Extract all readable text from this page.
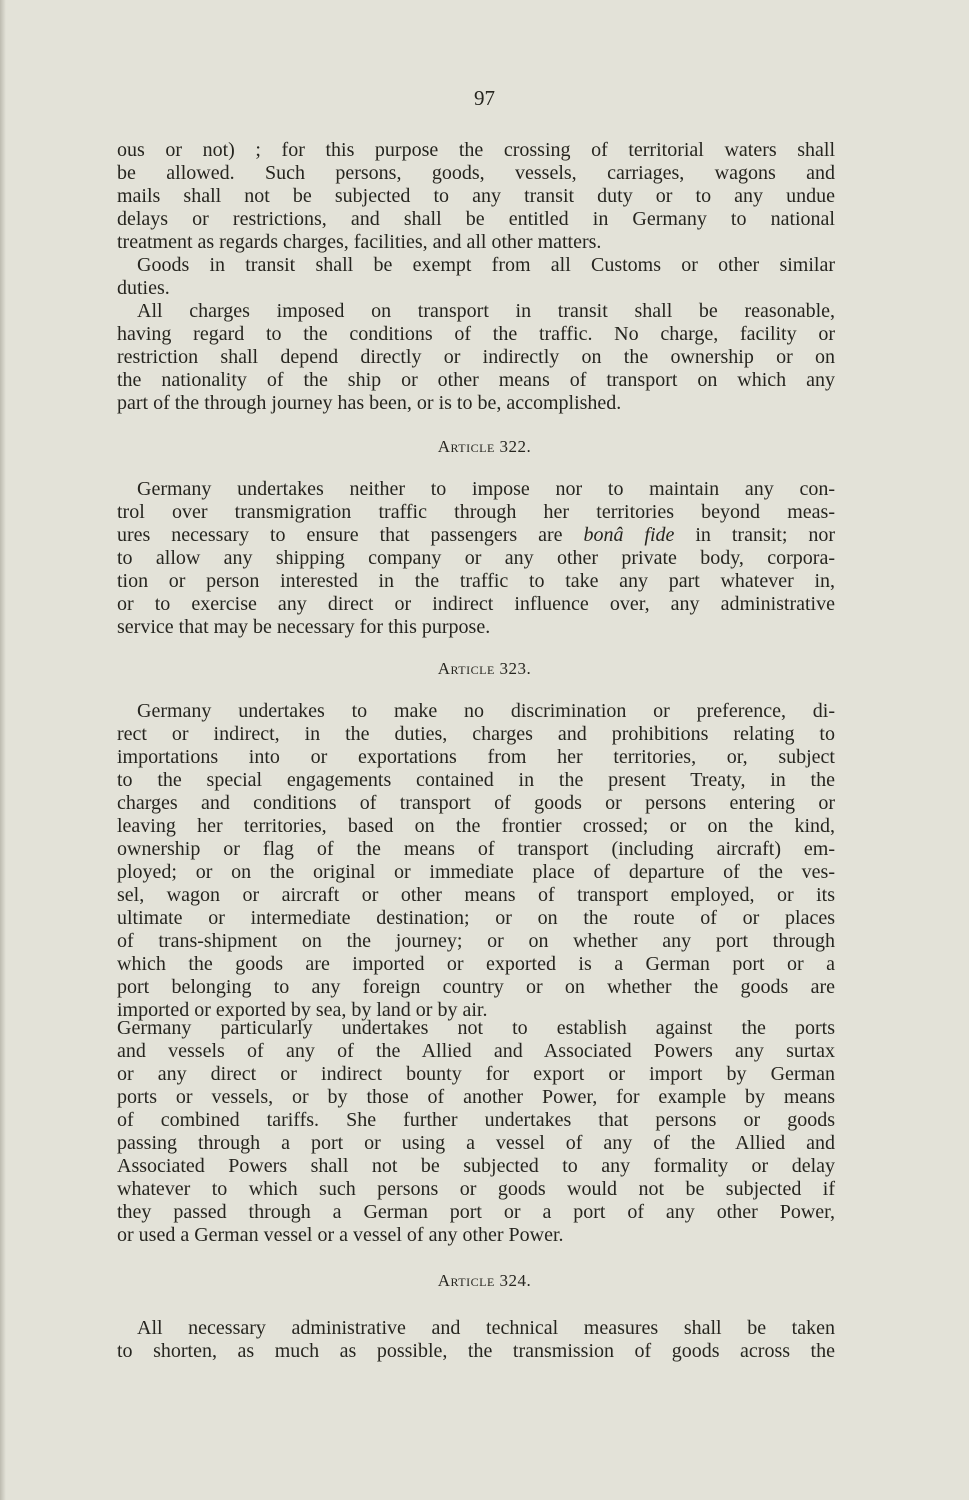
97
ous or not) ; for this purpose the crossing of territorial waters shall
be allowed. Such persons, goods, vessels, carriages, wagons and
mails shall not be subjected to any transit duty or to any undue
delays or restrictions, and shall be entitled in Germany to national
treatment as regards charges, facilities, and all other matters.
Goods in transit shall be exempt from all Customs or other similar
duties.
All charges imposed on transport in transit shall be reasonable,
having regard to the conditions of the traffic. No charge, facility or
restriction shall depend directly or indirectly on the ownership or on
the nationality of the ship or other means of transport on which any
part of the through journey has been, or is to be, accomplished.
Article 322.
Germany undertakes neither to impose nor to maintain any con-
trol over transmigration traffic through her territories beyond meas-
ures necessary to ensure that passengers are bonâ fide in transit; nor
to allow any shipping company or any other private body, corpora-
tion or person interested in the traffic to take any part whatever in,
or to exercise any direct or indirect influence over, any administrative
service that may be necessary for this purpose.
Article 323.
Germany undertakes to make no discrimination or preference, di-
rect or indirect, in the duties, charges and prohibitions relating to
importations into or exportations from her territories, or, subject
to the special engagements contained in the present Treaty, in the
charges and conditions of transport of goods or persons entering or
leaving her territories, based on the frontier crossed; or on the kind,
ownership or flag of the means of transport (including aircraft) em-
ployed; or on the original or immediate place of departure of the ves-
sel, wagon or aircraft or other means of transport employed, or its
ultimate or intermediate destination; or on the route of or places
of trans-shipment on the journey; or on whether any port through
which the goods are imported or exported is a German port or a
port belonging to any foreign country or on whether the goods are
imported or exported by sea, by land or by air.
Germany particularly undertakes not to establish against the ports
and vessels of any of the Allied and Associated Powers any surtax
or any direct or indirect bounty for export or import by German
ports or vessels, or by those of another Power, for example by means
of combined tariffs. She further undertakes that persons or goods
passing through a port or using a vessel of any of the Allied and
Associated Powers shall not be subjected to any formality or delay
whatever to which such persons or goods would not be subjected if
they passed through a German port or a port of any other Power,
or used a German vessel or a vessel of any other Power.
Article 324.
All necessary administrative and technical measures shall be taken
to shorten, as much as possible, the transmission of goods across the
